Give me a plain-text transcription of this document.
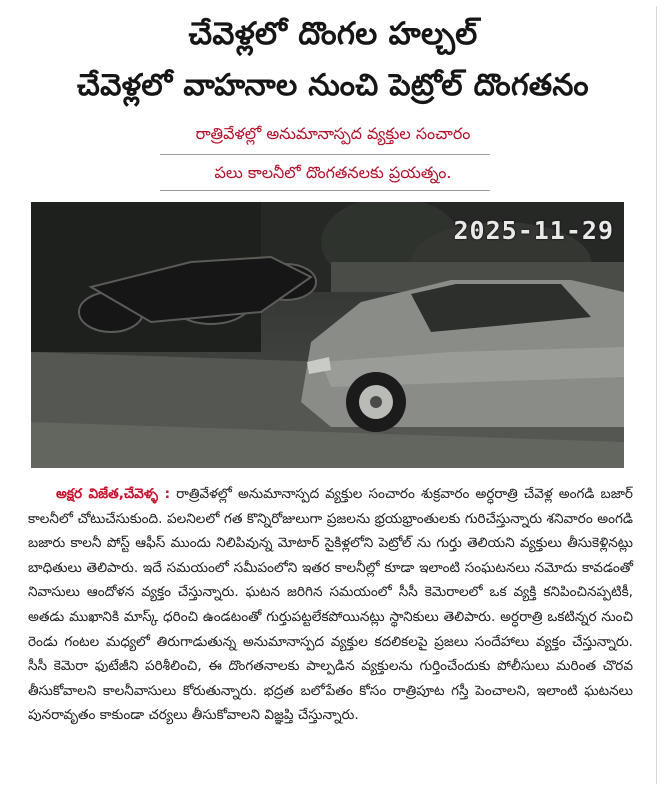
చేవెళ్లలో దొంగల హల్చల్
చేవెళ్లలో వాహనాల నుంచి పెట్రోల్ దొంగతనం
రాత్రివేళల్లో అనుమానాస్పద వ్యక్తుల సంచారం
పలు కాలనీలో దొంగతనలకు ప్రయత్నం.
2025-11-29

అక్షర విజేత,చేవెళ్ళ : రాత్రివేళల్లో అనుమానాస్పద వ్యక్తుల సంచారం శుక్రవారం అర్ధరాత్రి చేవెళ్ల అంగడి బజార్ కాలనీలో చోటుచేసుకుంది. పలనిలలో గత కొన్నిరోజులుగా ప్రజలను భ్రయభ్రాంతులకు గురిచేస్తున్నారు శనివారం అంగడి బజారు కాలనీ పోస్ట్ ఆఫీస్ ముందు నిలిపివున్న మోటార్ సైకిళ్లలోని పెట్రోల్ ను గుర్తు తెలియని వ్యక్తులు తీసుకెళ్లినట్లు బాధితులు తెలిపారు. ఇదే సమయంలో సమీపంలోని ఇతర కాలనీల్లో కూడా ఇలాంటి సంఘటనలు నమోదు కావడంతో నివాసులు ఆందోళన వ్యక్తం చేస్తున్నారు. ఘటన జరిగిన సమయంలో సీసీ కెమెరాలలో ఒక వ్యక్తి కనిపించినప్పటికీ, అతడు ముఖానికి మాస్క్ ధరించి ఉండటంతో గుర్తుపట్టలేకపోయినట్లు స్థానికులు తెలిపారు. అర్ధరాత్రి ఒకటిన్నర నుంచి రెండు గంటల మధ్యలో తిరుగాడుతున్న అనుమానాస్పద వ్యక్తుల కదలికలపై ప్రజలు సందేహాలు వ్యక్తం చేస్తున్నారు. సీసీ కెమెరా ఫుటేజీని పరిశీలించి, ఈ దొంగతనాలకు పాల్పడిన వ్యక్తులను గుర్తించేందుకు పోలీసులు మరింత చొరవ తీసుకోవాలని కాలనీవాసులు కోరుతున్నారు. భద్రత బలోపేతం కోసం రాత్రిపూట గస్తీ పెంచాలని, ఇలాంటి ఘటనలు పునరావృతం కాకుండా చర్యలు తీసుకోవాలని విజ్ఞప్తి చేస్తున్నారు.
